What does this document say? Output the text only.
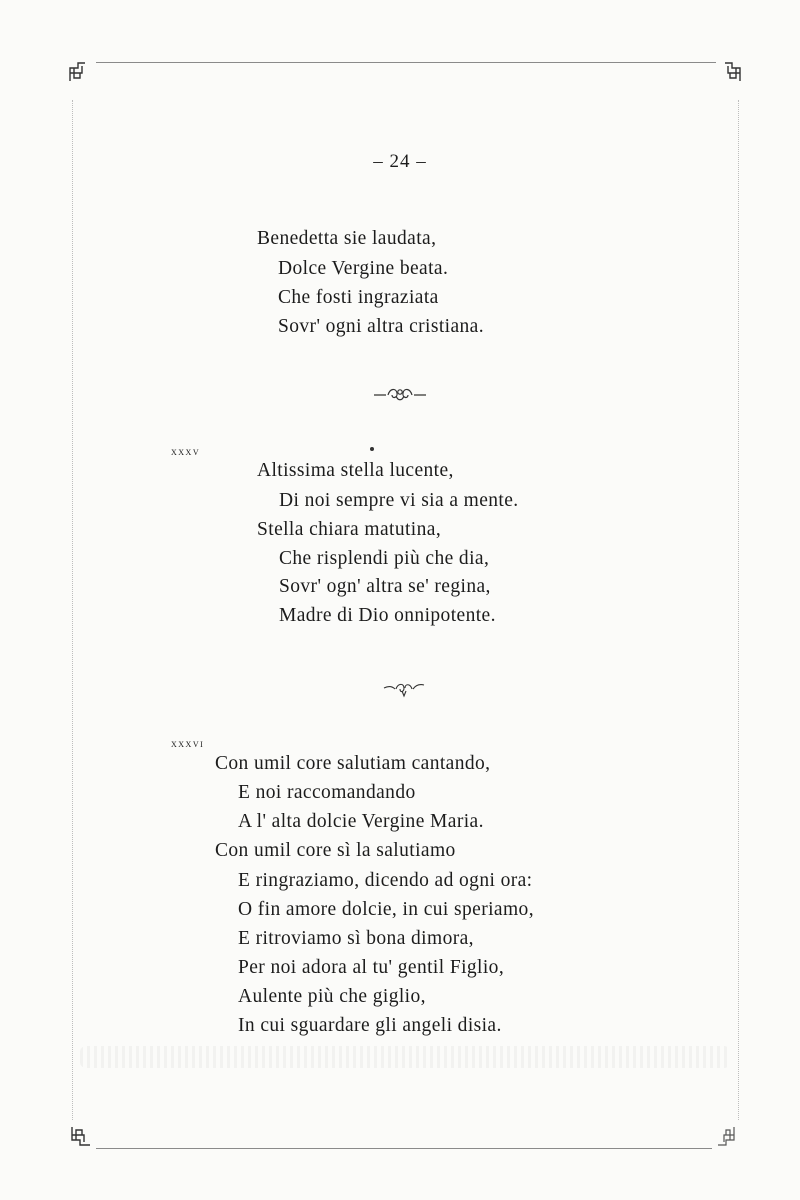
– 24 –
Benedetta sie laudata,
Dolce Vergine beata.
Che fosti ingraziata
Sovr' ogni altra cristiana.
xxxv
Altissima stella lucente,
Di noi sempre vi sia a mente.
Stella chiara matutina,
Che risplendi più che dia,
Sovr' ogn' altra se' regina,
Madre di Dio onnipotente.
xxxvi
Con umil core salutiam cantando,
E noi raccomandando
A l' alta dolcie Vergine Maria.
Con umil core sì la salutiamo
E ringraziamo, dicendo ad ogni ora:
O fin amore dolcie, in cui speriamo,
E ritroviamo sì bona dimora,
Per noi adora al tu' gentil Figlio,
Aulente più che giglio,
In cui sguardare gli angeli disia.
